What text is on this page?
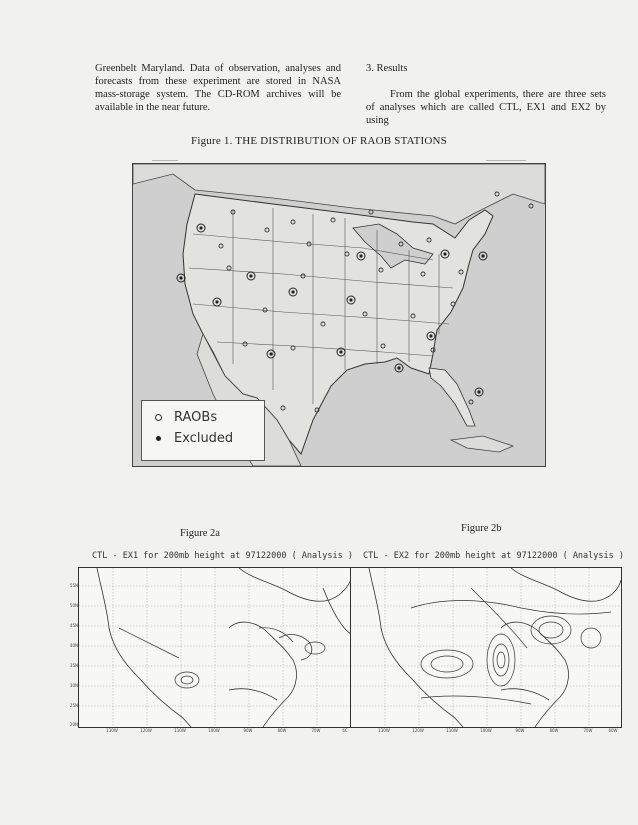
Greenbelt Maryland. Data of observation, analyses and forecasts from these experiment are stored in NASA mass-storage system. The CD-ROM archives will be available in the near future.

3. Results

From the global experiments, there are three sets of analyses which are called CTL, EX1 and EX2 by using

Figure 1. THE DISTRIBUTION OF RAOB STATIONS
RAOBs
Excluded
Figure 2a	Figure 2b
CTL - EX1 for 200mb height at 97122000 ( Analysis ) CTL - EX2 for 200mb height at 97122000 ( Analysis )
55N
50N
45N
40N
35N
30N
25N
20N
130W	120W	110W	100W	90W	80W	70W	6C	130W	120W	110W	100W	90W	80W	70W	60W
